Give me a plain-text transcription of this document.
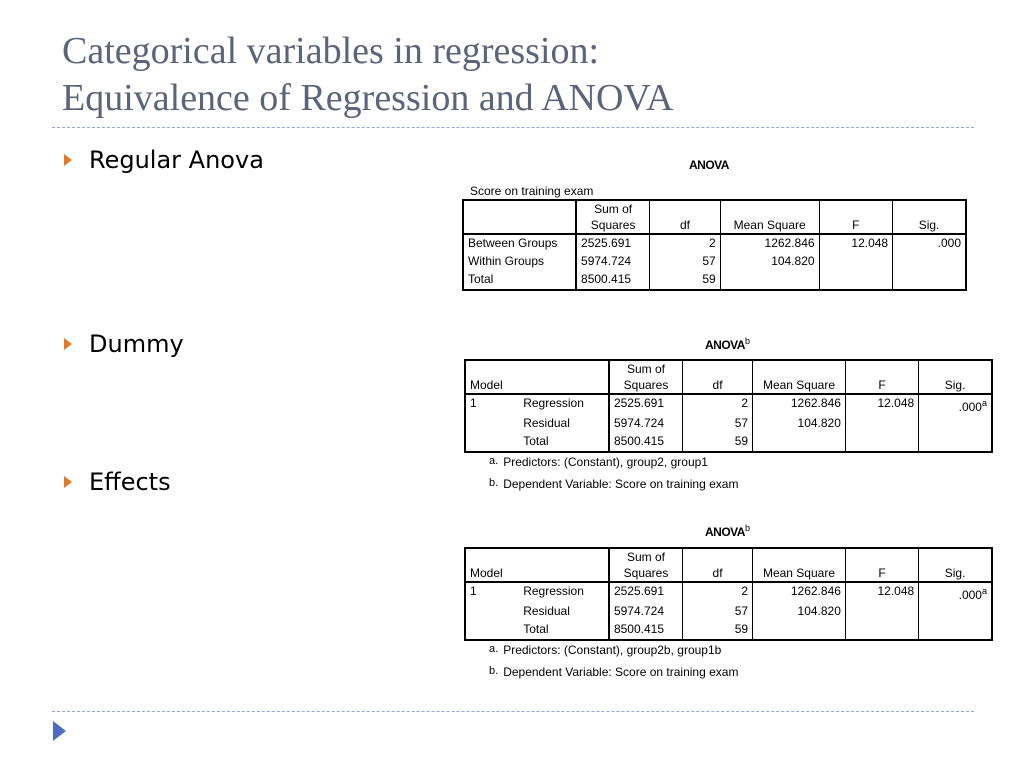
Categorical variables in regression:
Equivalence of Regression and ANOVA
Regular Anova
Dummy
Effects
ANOVA
Score on training exam
	Sum of
Squares	df	Mean Square	F	Sig.
Between Groups	2525.691	2	1262.846	12.048	.000
Within Groups	5974.724	57	104.820		
Total	8500.415	59			
ANOVA$^b$
Model		Sum of
Squares	df	Mean Square	F	Sig.
1	Regression	2525.691	2	1262.846	12.048	.000$^a$
	Residual	5974.724	57	104.820		
	Total	8500.415	59			
a. Predictors: (Constant), group2, group1
b. Dependent Variable: Score on training exam
ANOVA$^b$
Model		Sum of
Squares	df	Mean Square	F	Sig.
1	Regression	2525.691	2	1262.846	12.048	.000$^a$
	Residual	5974.724	57	104.820		
	Total	8500.415	59			
a. Predictors: (Constant), group2b, group1b
b. Dependent Variable: Score on training exam
